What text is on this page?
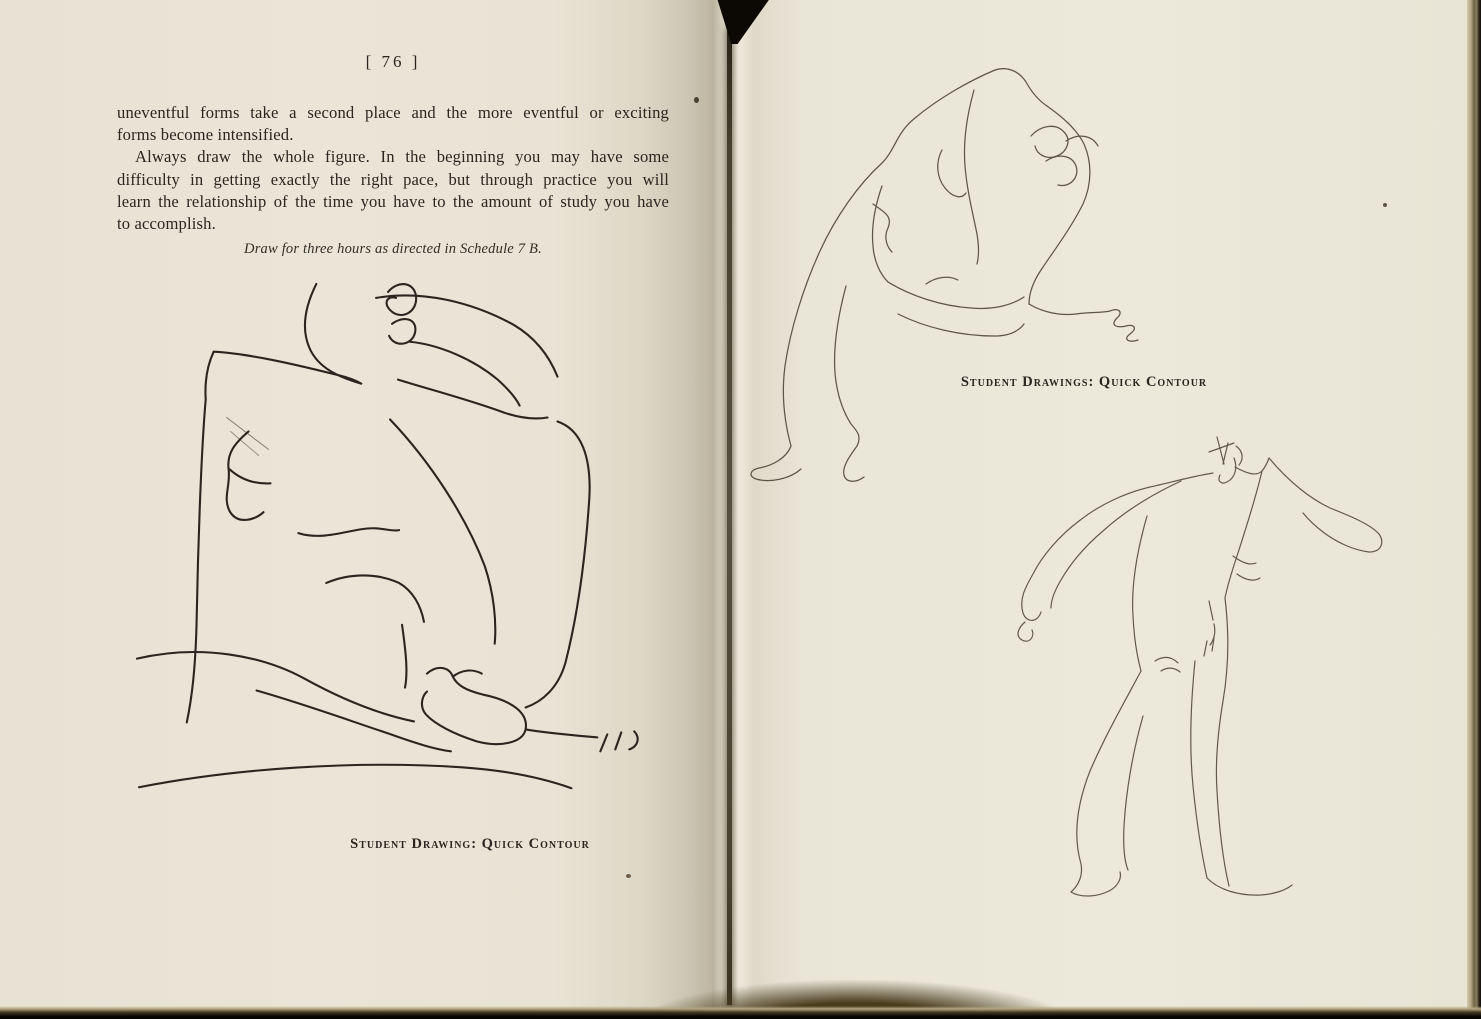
[ 76 ]
uneventful forms take a second place and the more eventful or exciting
forms become intensified.
Always draw the whole figure. In the beginning you may have some
difficulty in getting exactly the right pace, but through practice you will
learn the relationship of the time you have to the amount of study you have
to accomplish.
Draw for three hours as directed in Schedule 7 B.
Student Drawing: Quick Contour
Student Drawings: Quick Contour
